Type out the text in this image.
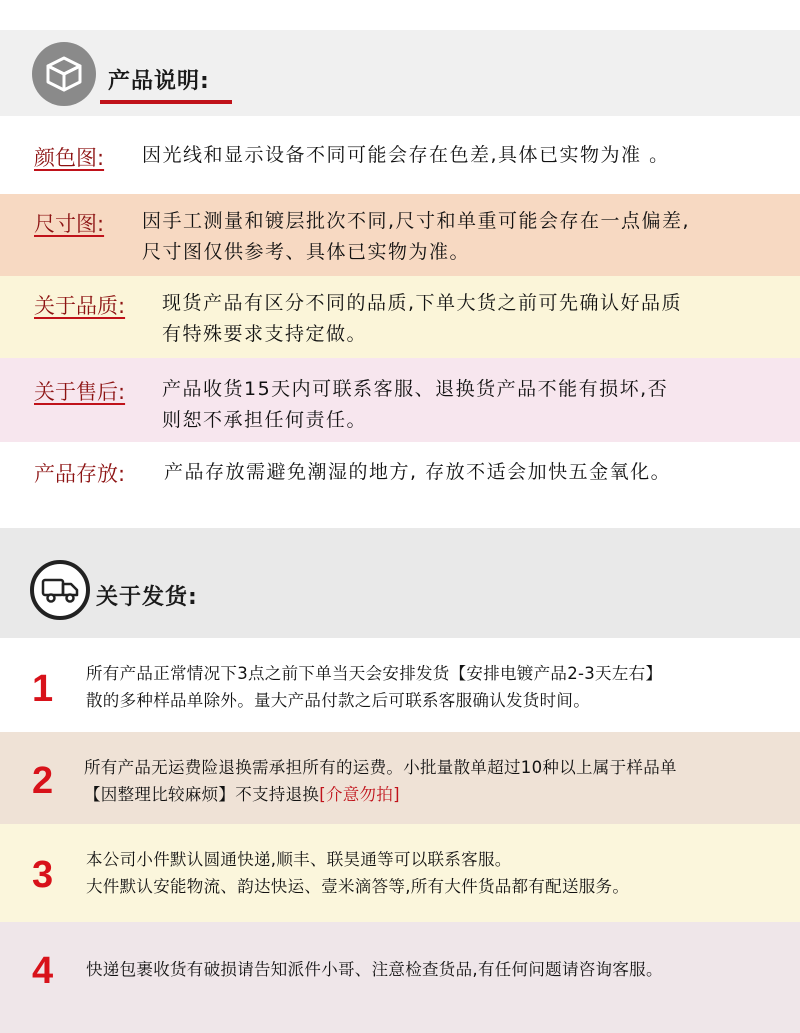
产品说明:
颜色图: 因光线和显示设备不同可能会存在色差,具体已实物为准 。
尺寸图: 因手工测量和镀层批次不同,尺寸和单重可能会存在一点偏差,
尺寸图仅供参考、具体已实物为准。
关于品质: 现货产品有区分不同的品质,下单大货之前可先确认好品质
有特殊要求支持定做。
关于售后: 产品收货15天内可联系客服、退换货产品不能有损坏,否
则恕不承担任何责任。
产品存放: 产品存放需避免潮湿的地方, 存放不适会加快五金氧化。
关于发货:
1 所有产品正常情况下3点之前下单当天会安排发货【安排电镀产品2-3天左右】
散的多种样品单除外。量大产品付款之后可联系客服确认发货时间。
2 所有产品无运费险退换需承担所有的运费。小批量散单超过10种以上属于样品单
【因整理比较麻烦】不支持退换[介意勿拍]
3 本公司小件默认圆通快递,顺丰、联昊通等可以联系客服。
大件默认安能物流、韵达快运、壹米滴答等,所有大件货品都有配送服务。
4 快递包裹收货有破损请告知派件小哥、注意检查货品,有任何问题请咨询客服。
